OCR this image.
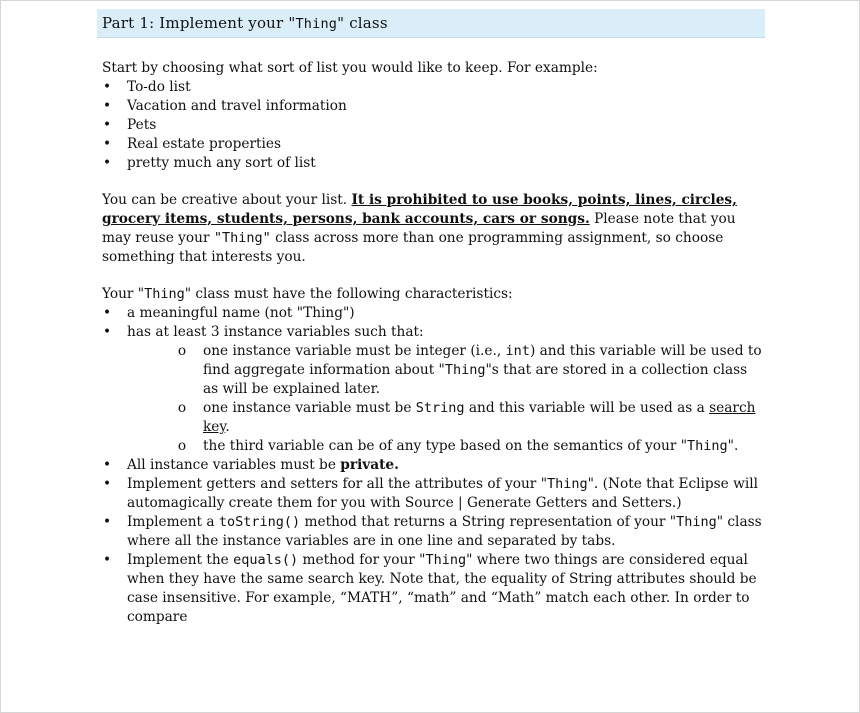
Part 1: Implement your "Thing" class

Start by choosing what sort of list you would like to keep. For example:

• To-do list
• Vacation and travel information
• Pets
• Real estate properties
• pretty much any sort of list

You can be creative about your list. It is prohibited to use books, points, lines, circles, grocery items, students, persons, bank accounts, cars or songs. Please note that you may reuse your "Thing" class across more than one programming assignment, so choose something that interests you.

Your "Thing" class must have the following characteristics:

• a meaningful name (not "Thing")
• has at least 3 instance variables such that:
o one instance variable must be integer (i.e., int) and this variable will be used to find aggregate information about "Thing"s that are stored in a collection class as will be explained later.
o one instance variable must be String and this variable will be used as a search key.
o the third variable can be of any type based on the semantics of your "Thing".
• All instance variables must be private.
• Implement getters and setters for all the attributes of your "Thing". (Note that Eclipse will automagically create them for you with Source | Generate Getters and Setters.)
• Implement a toString() method that returns a String representation of your "Thing" class where all the instance variables are in one line and separated by tabs.
• Implement the equals() method for your "Thing" where two things are considered equal when they have the same search key. Note that, the equality of String attributes should be case insensitive. For example, “MATH”, “math” and “Math” match each other. In order to compare
